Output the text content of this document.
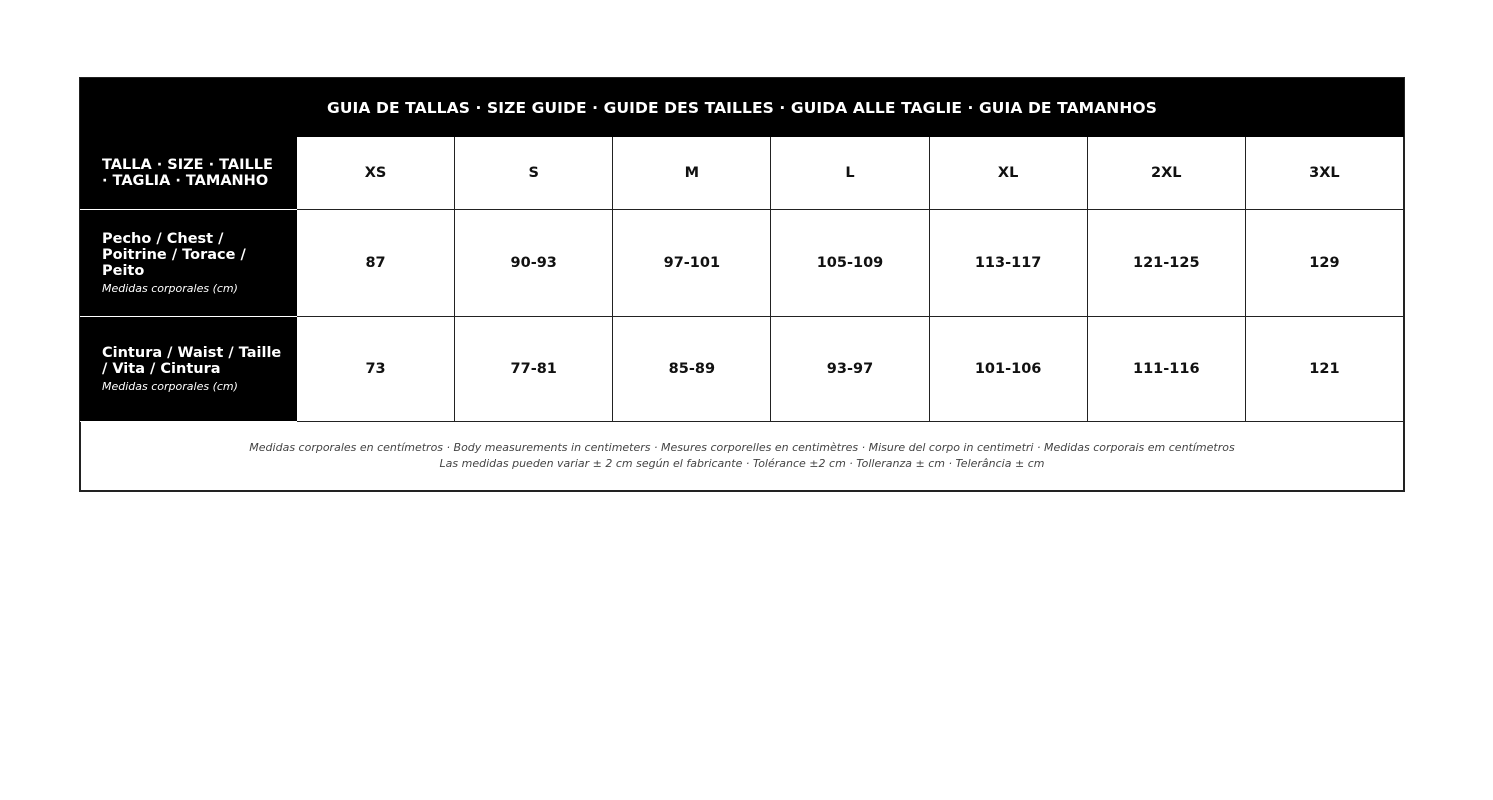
GUIA DE TALLAS · SIZE GUIDE · GUIDE DES TAILLES · GUIDA ALLE TAGLIE · GUIA DE TAMANHOS							
TALLA · SIZE · TAILLE · TAGLIA · TAMANHO	XS	S	M	L	XL	2XL	3XL
Pecho / Chest / Poitrine / Torace / Peito
Medidas corporales (cm)	87	90-93	97-101	105-109	113-117	121-125	129
Cintura / Waist / Taille / Vita / Cintura
Medidas corporales (cm)	73	77-81	85-89	93-97	101-106	111-116	121

Medidas corporales en centímetros · Body measurements in centimeters · Mesures corporelles en centimètres · Misure del corpo in centimetri · Medidas corporais em centímetros
Las medidas pueden variar ± 2 cm según el fabricante · Tolérance ±2 cm · Tolleranza ± cm · Telerância ± cm							
